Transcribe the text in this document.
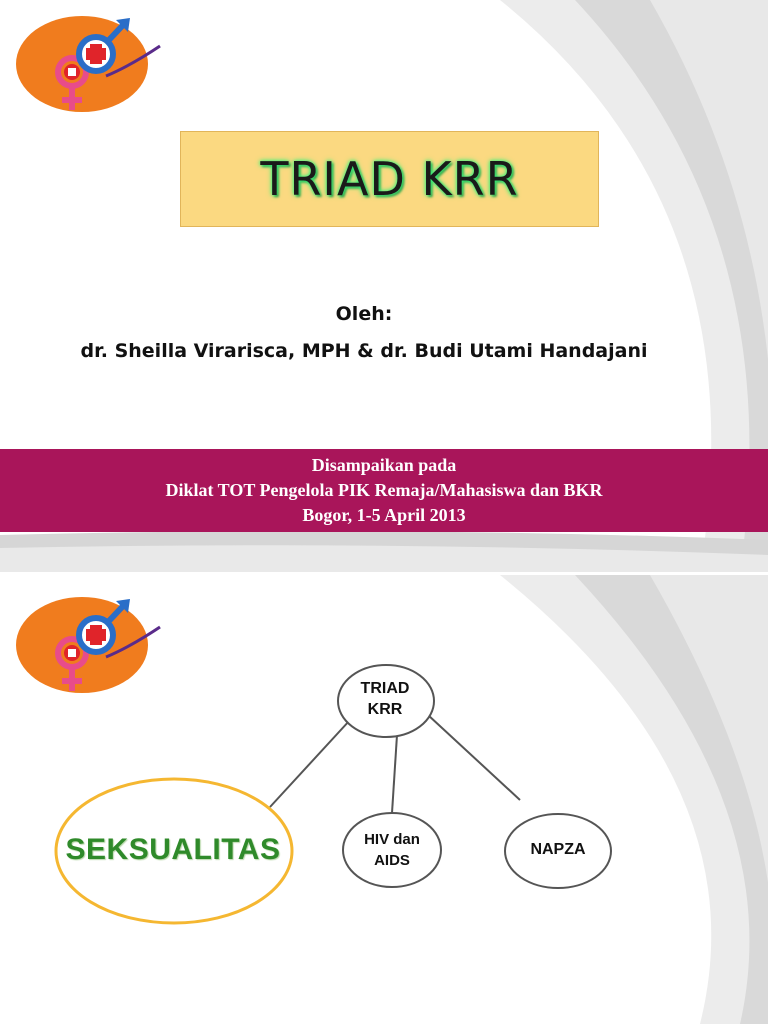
TRIAD KRR
Oleh:
dr. Sheilla Virarisca, MPH & dr. Budi Utami Handajani
Disampaikan pada
Diklat TOT Pengelola PIK Remaja/Mahasiswa dan BKR
Bogor, 1-5 April 2013
TRIAD
KRR
SEKSUALITAS	HIV dan
AIDS
NAPZA
